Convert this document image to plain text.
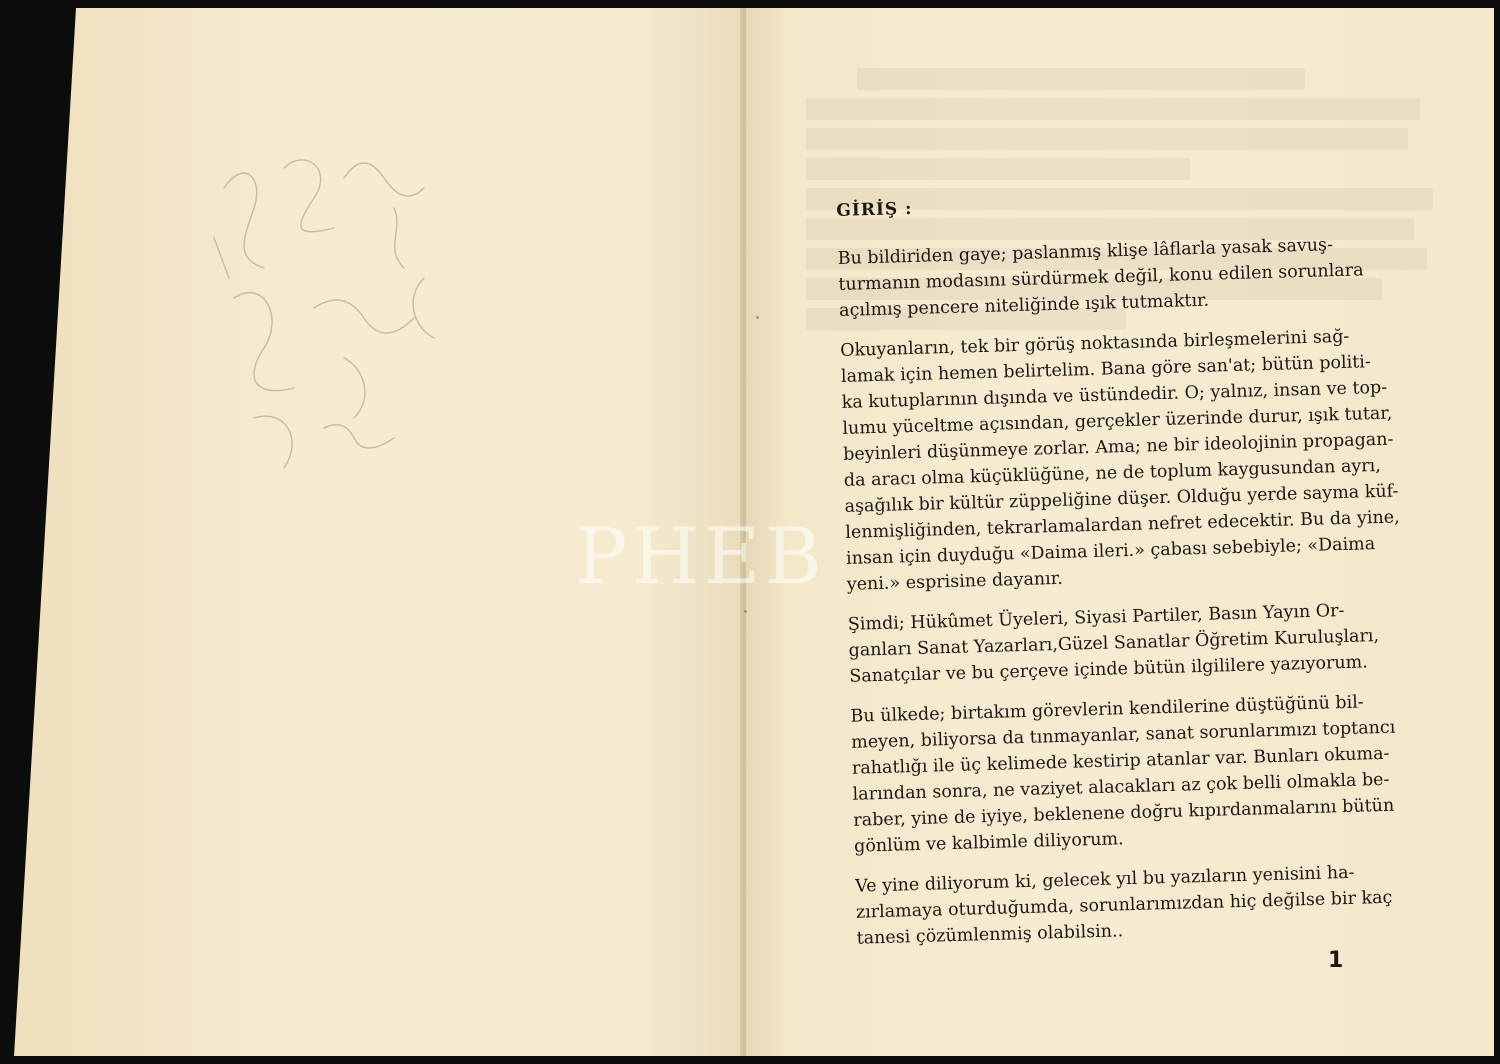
GİRİŞ :
Bu bildiriden gaye; paslanmış klişe lâflarla yasak savuş-
turmanın modasını sürdürmek değil, konu edilen sorunlara
açılmış pencere niteliğinde ışık tutmaktır.
Okuyanların, tek bir görüş noktasında birleşmelerini sağ-
lamak için hemen belirtelim. Bana göre san'at; bütün politi-
ka kutuplarının dışında ve üstündedir. O; yalnız, insan ve top-
lumu yüceltme açısından, gerçekler üzerinde durur, ışık tutar,
beyinleri düşünmeye zorlar. Ama; ne bir ideolojinin propagan-
da aracı olma küçüklüğüne, ne de toplum kaygusundan ayrı,
aşağılık bir kültür züppeliğine düşer. Olduğu yerde sayma küf-
lenmişliğinden, tekrarlamalardan nefret edecektir. Bu da yine,
insan için duyduğu «Daima ileri.» çabası sebebiyle; «Daima
yeni.» esprisine dayanır.
Şimdi; Hükûmet Üyeleri, Siyasi Partiler, Basın Yayın Or-
ganları Sanat Yazarları,Güzel Sanatlar Öğretim Kuruluşları,
Sanatçılar ve bu çerçeve içinde bütün ilgililere yazıyorum.
Bu ülkede; birtakım görevlerin kendilerine düştüğünü bil-
meyen, biliyorsa da tınmayanlar, sanat sorunlarımızı toptancı
rahatlığı ile üç kelimede kestirip atanlar var. Bunları okuma-
larından sonra, ne vaziyet alacakları az çok belli olmakla be-
raber, yine de iyiye, beklenene doğru kıpırdanmalarını bütün
gönlüm ve kalbimle diliyorum.
Ve yine diliyorum ki, gelecek yıl bu yazıların yenisini ha-
zırlamaya oturduğumda, sorunlarımızdan hiç değilse bir kaç
tanesi çözümlenmiş olabilsin..
1
PHEB
